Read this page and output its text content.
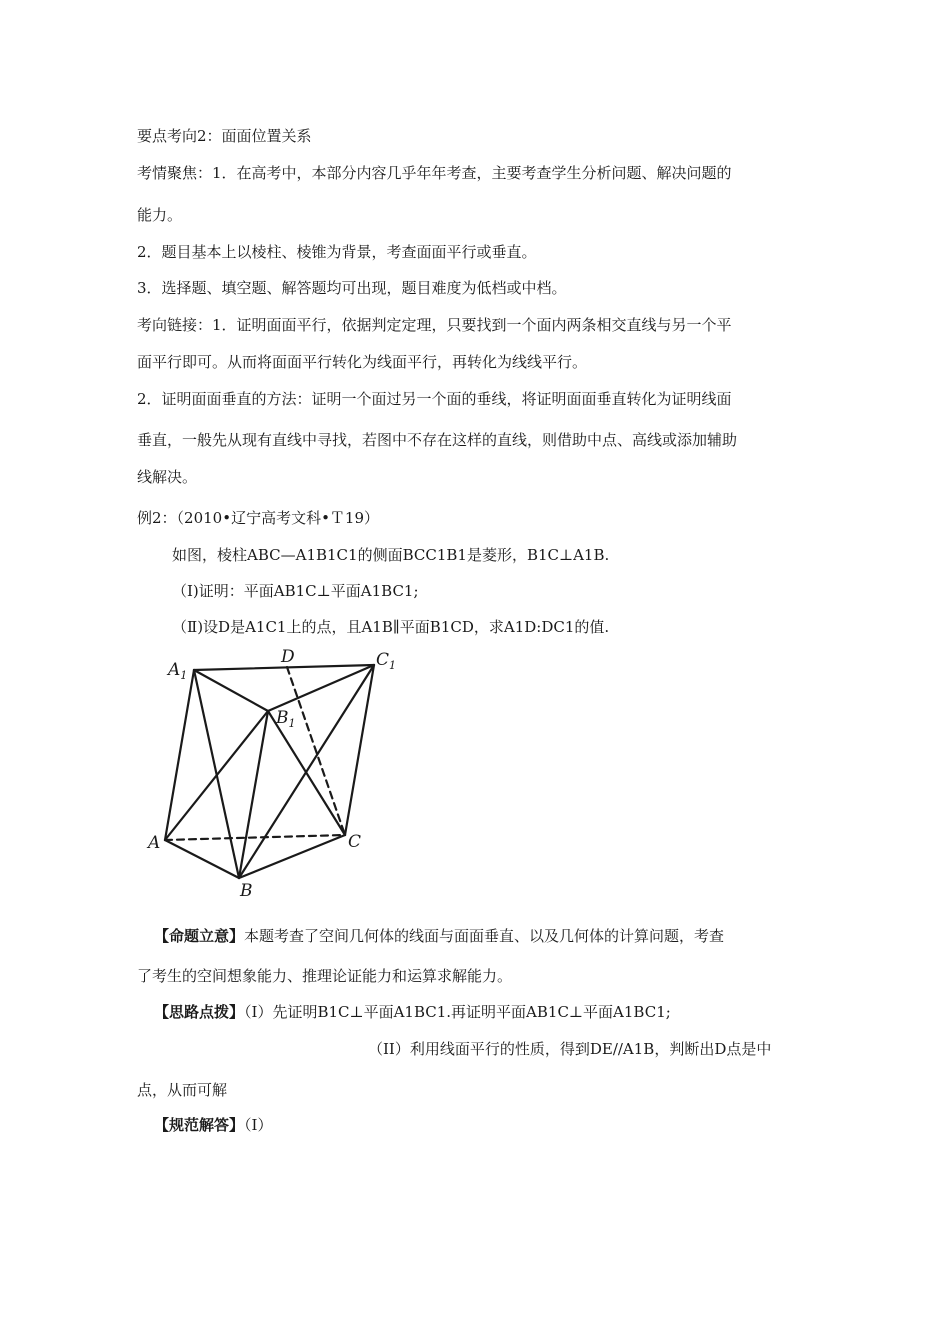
要点考向2：面面位置关系
考情聚焦：1．在高考中，本部分内容几乎年年考查，主要考查学生分析问题、解决问题的
能力。
2．题目基本上以棱柱、棱锥为背景，考查面面平行或垂直。
3．选择题、填空题、解答题均可出现，题目难度为低档或中档。
考向链接：1．证明面面平行，依据判定定理，只要找到一个面内两条相交直线与另一个平
面平行即可。从而将面面平行转化为线面平行，再转化为线线平行。
2．证明面面垂直的方法：证明一个面过另一个面的垂线，将证明面面垂直转化为证明线面
垂直，一般先从现有直线中寻找，若图中不存在这样的直线，则借助中点、高线或添加辅助
线解决。
例2：（2010•辽宁高考文科•Ｔ19）
如图，棱柱ABC—A1B1C1的侧面BCC1B1是菱形，B1C⊥A1B.
（Ⅰ)证明：平面AB1C⊥平面A1BC1;
（Ⅱ)设D是A1C1上的点，且A1B∥平面B1CD，求A1D:DC1的值.
$A_1$
D	$C_1$
$B_1$
A	C
B
【命题立意】本题考查了空间几何体的线面与面面垂直、以及几何体的计算问题，考查
了考生的空间想象能力、推理论证能力和运算求解能力。
【思路点拨】（I）先证明B1C⊥平面A1BC1.再证明平面AB1C⊥平面A1BC1;
（II）利用线面平行的性质，得到DE//A1B，判断出D点是中
点，从而可解
【规范解答】（I）
